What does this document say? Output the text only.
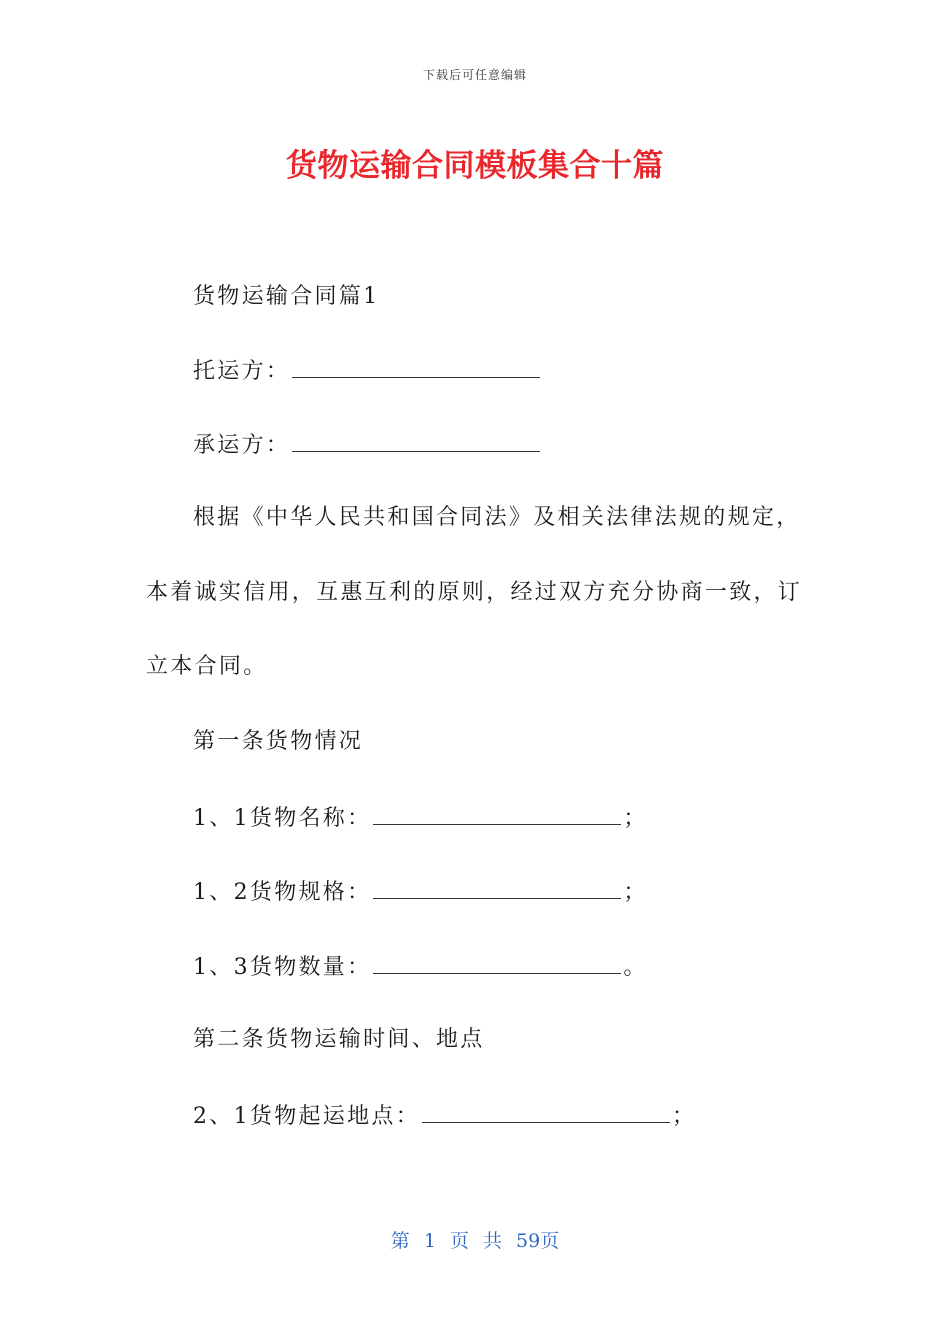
下载后可任意编辑
货物运输合同模板集合十篇
货物运输合同篇1
托运方：
承运方：
根据《中华人民共和国合同法》及相关法律法规的规定，
本着诚实信用，互惠互利的原则，经过双方充分协商一致，订
立本合同。
第一条货物情况
1、1货物名称：	；
1、2货物规格：	；
1、3货物数量：	。
第二条货物运输时间、地点
2、1货物起运地点：	；
第 1 页 共 59页
